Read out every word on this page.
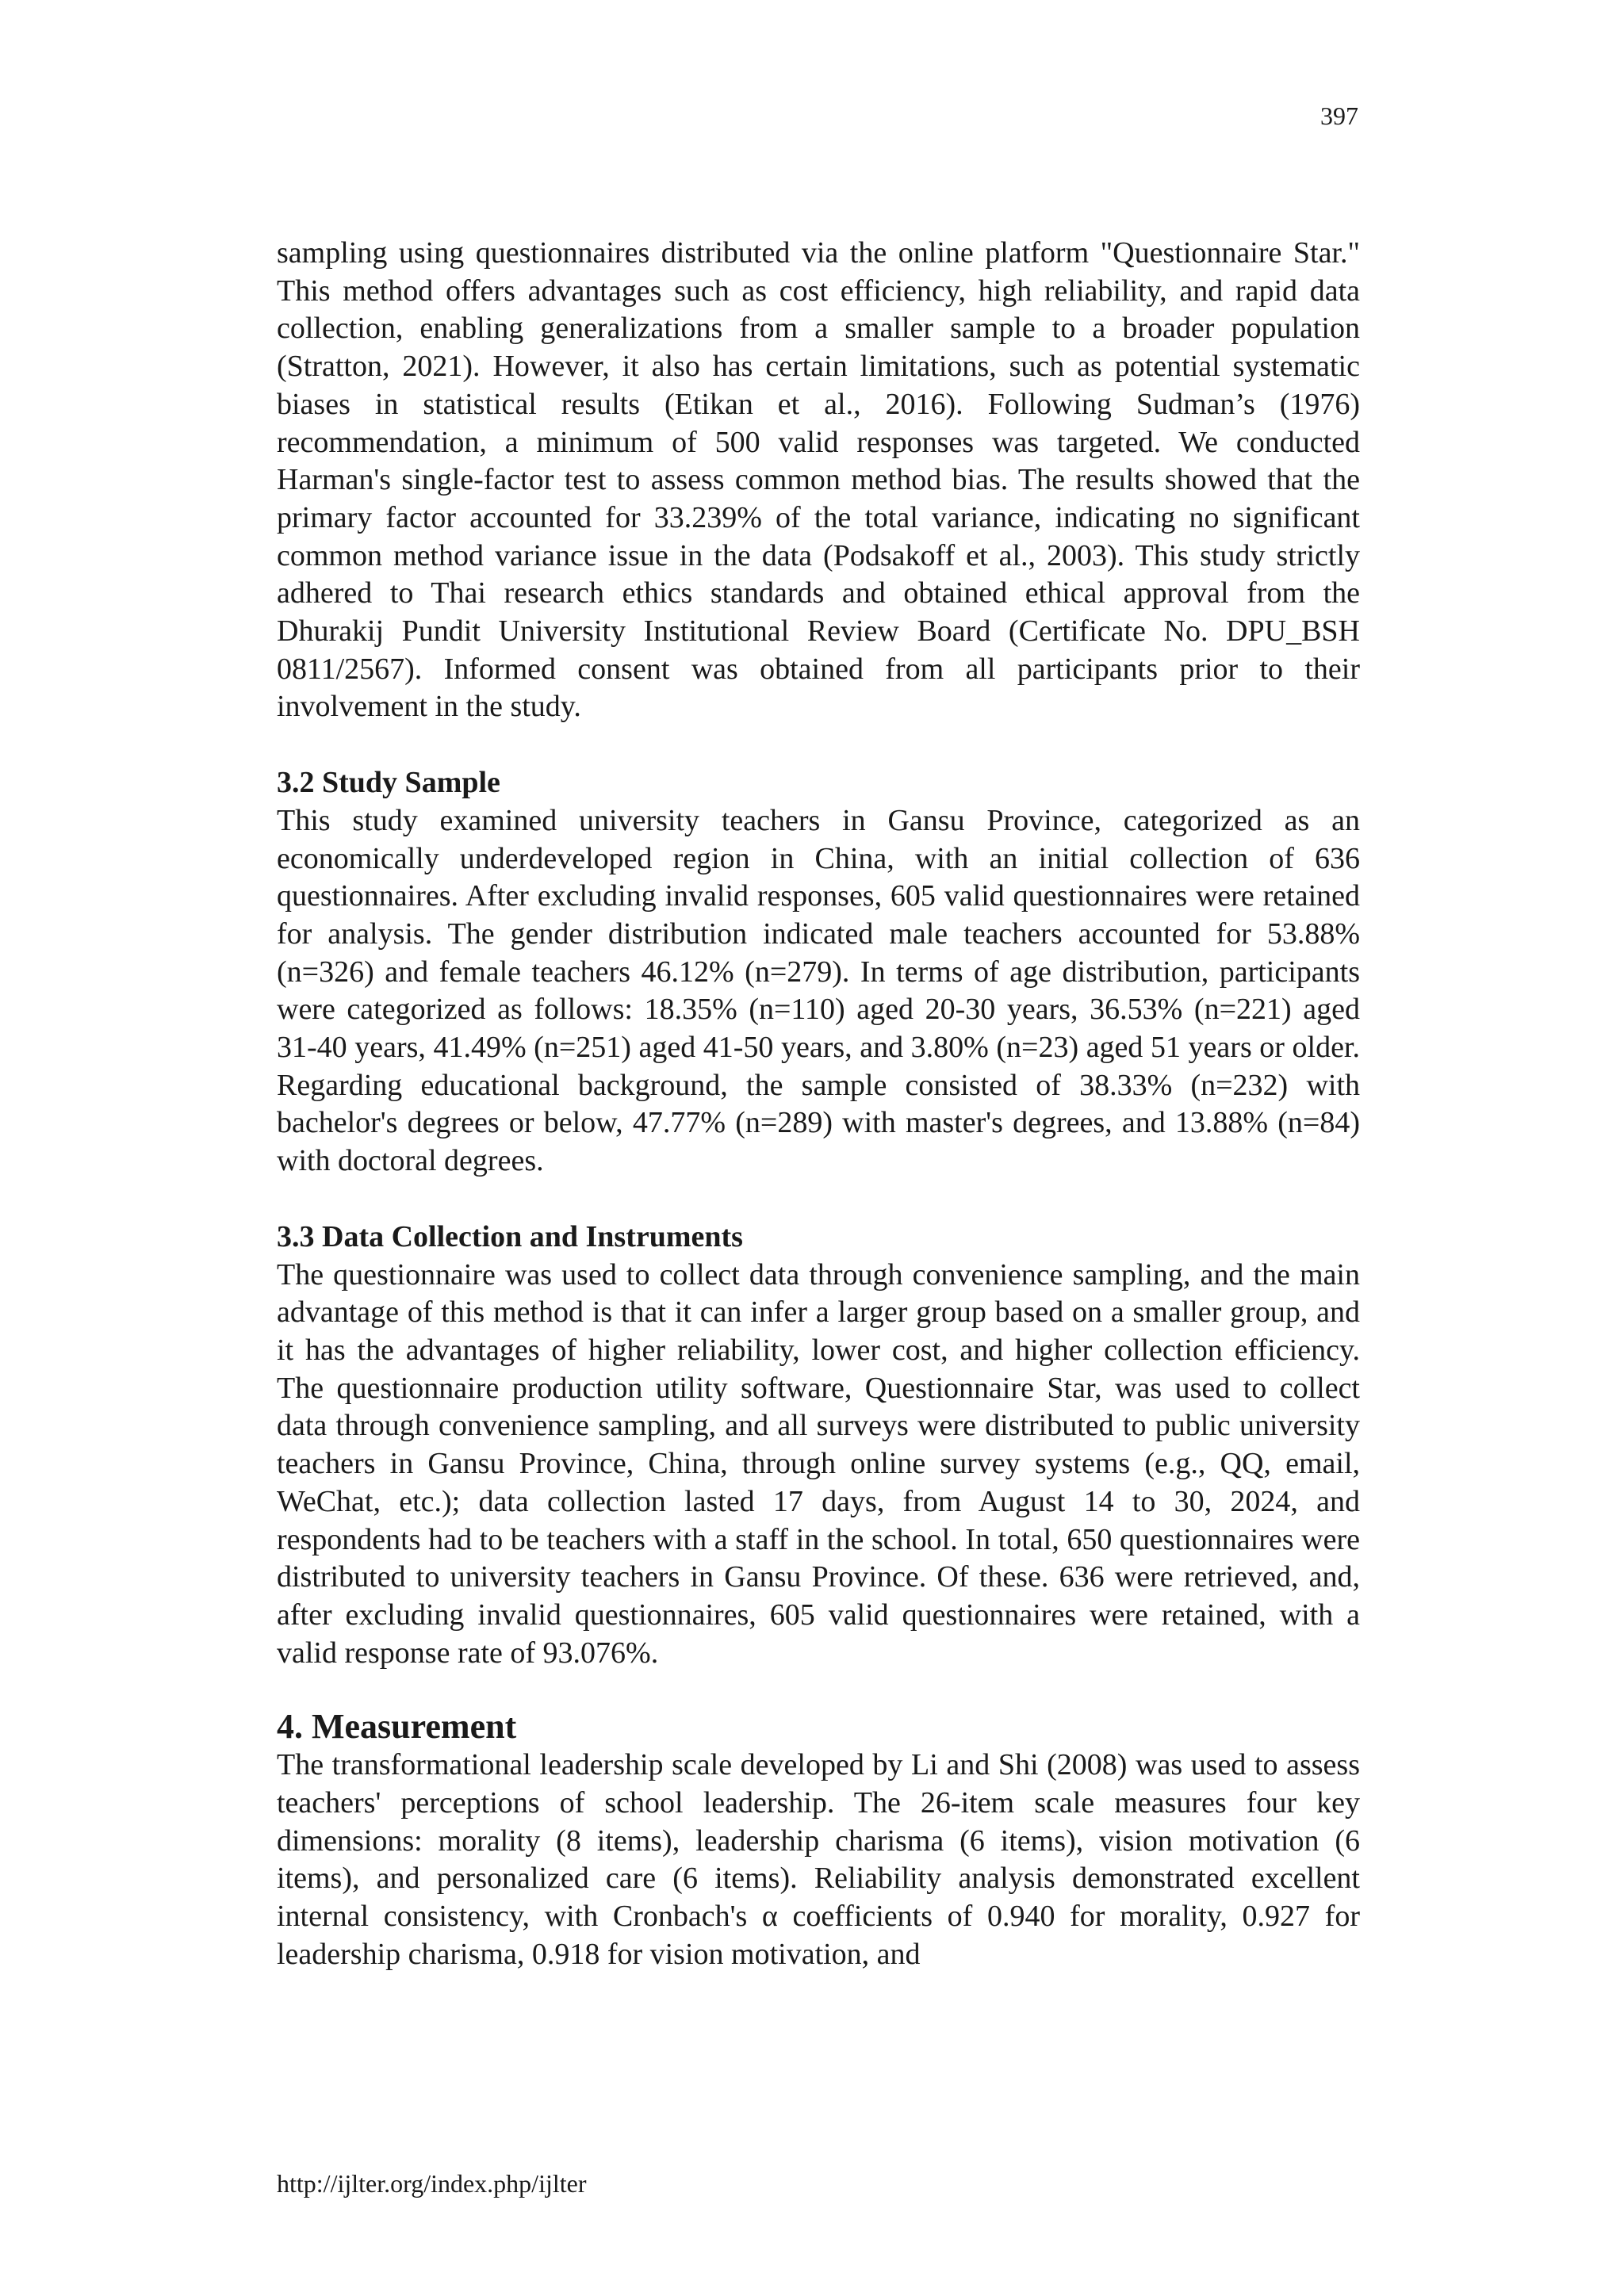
397

sampling using questionnaires distributed via the online platform "Questionnaire Star." This method offers advantages such as cost efficiency, high reliability, and rapid data collection, enabling generalizations from a smaller sample to a broader population (Stratton, 2021). However, it also has certain limitations, such as potential systematic biases in statistical results (Etikan et al., 2016). Following Sudman’s (1976) recommendation, a minimum of 500 valid responses was targeted. We conducted Harman's single-factor test to assess common method bias. The results showed that the primary factor accounted for 33.239% of the total variance, indicating no significant common method variance issue in the data (Podsakoff et al., 2003). This study strictly adhered to Thai research ethics standards and obtained ethical approval from the Dhurakij Pundit University Institutional Review Board (Certificate No. DPU_BSH 0811/2567). Informed consent was obtained from all participants prior to their involvement in the study.

3.2 Study Sample

This study examined university teachers in Gansu Province, categorized as an economically underdeveloped region in China, with an initial collection of 636 questionnaires. After excluding invalid responses, 605 valid questionnaires were retained for analysis. The gender distribution indicated male teachers accounted for 53.88% (n=326) and female teachers 46.12% (n=279). In terms of age distribution, participants were categorized as follows: 18.35% (n=110) aged 20-30 years, 36.53% (n=221) aged 31-40 years, 41.49% (n=251) aged 41-50 years, and 3.80% (n=23) aged 51 years or older. Regarding educational background, the sample consisted of 38.33% (n=232) with bachelor's degrees or below, 47.77% (n=289) with master's degrees, and 13.88% (n=84) with doctoral degrees.

3.3 Data Collection and Instruments

The questionnaire was used to collect data through convenience sampling, and the main advantage of this method is that it can infer a larger group based on a smaller group, and it has the advantages of higher reliability, lower cost, and higher collection efficiency. The questionnaire production utility software, Questionnaire Star, was used to collect data through convenience sampling, and all surveys were distributed to public university teachers in Gansu Province, China, through online survey systems (e.g., QQ, email, WeChat, etc.); data collection lasted 17 days, from August 14 to 30, 2024, and respondents had to be teachers with a staff in the school. In total, 650 questionnaires were distributed to university teachers in Gansu Province. Of these. 636 were retrieved, and, after excluding invalid questionnaires, 605 valid questionnaires were retained, with a valid response rate of 93.076%.

4. Measurement

The transformational leadership scale developed by Li and Shi (2008) was used to assess teachers' perceptions of school leadership. The 26-item scale measures four key dimensions: morality (8 items), leadership charisma (6 items), vision motivation (6 items), and personalized care (6 items). Reliability analysis demonstrated excellent internal consistency, with Cronbach's α coefficients of 0.940 for morality, 0.927 for leadership charisma, 0.918 for vision motivation, and

http://ijlter.org/index.php/ijlter
